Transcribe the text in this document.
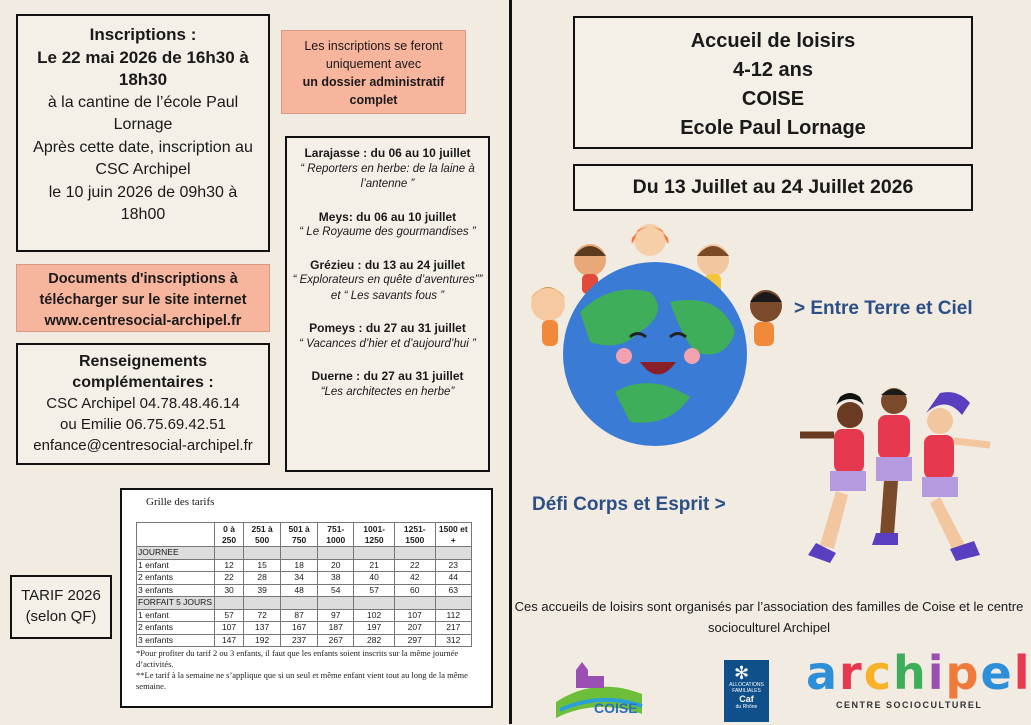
Inscriptions :
Le 22 mai 2026 de 16h30 à 18h30
à la cantine de l’école Paul Lornage
Après cette date, inscription au CSC Archipel
le 10 juin 2026 de 09h30 à 18h00
Documents d'inscriptions à télécharger sur le site internet
www.centresocial-archipel.fr
Renseignements complémentaires :
CSC Archipel 04.78.48.46.14
ou Emilie 06.75.69.42.51
enfance@centresocial-archipel.fr
TARIF 2026
(selon QF)
Les inscriptions se feront uniquement avec
un dossier administratif complet
Larajasse : du 06 au 10 juillet
“ Reporters en herbe: de la laine à l’antenne ”
Meys: du 06 au 10 juillet
“ Le Royaume des gourmandises ”
Grézieu : du 13 au 24 juillet
“ Explorateurs en quête d’aventures”” et “ Les savants fous ”
Pomeys : du 27 au 31 juillet
“ Vacances d’hier et d’aujourd’hui ”
Duerne : du 27 au 31 juillet
“Les architectes en herbe”
Grille des tarifs
	0 à 250	251 à 500	501 à 750	751-1000	1001-1250	1251-1500	1500 et +
JOURNEE							
1 enfant	12	15	18	20	21	22	23
2 enfants	22	28	34	38	40	42	44
3 enfants	30	39	48	54	57	60	63
FORFAIT 5 JOURS							
1 enfant	57	72	87	97	102	107	112
2 enfants	107	137	167	187	197	207	217
3 enfants	147	192	237	267	282	297	312
*Pour profiter du tarif 2 ou 3 enfants, il faut que les enfants soient inscrits sur la même journée d’activités.
**Le tarif à la semaine ne s’applique que si un seul et même enfant vient tout au long de la même semaine.
Accueil de loisirs
4-12 ans
COISE
Ecole Paul Lornage
Du 13 Juillet au 24 Juillet 2026
> Entre Terre et Ciel
Défi Corps et Esprit >
Ces accueils de loisirs sont organisés par l’association des familles de Coise et le centre socioculturel Archipel
COISE
✻
ALLOCATIONS FAMILIALES
Caf
du Rhône
archipel
CENTRE SOCIOCULTUREL
